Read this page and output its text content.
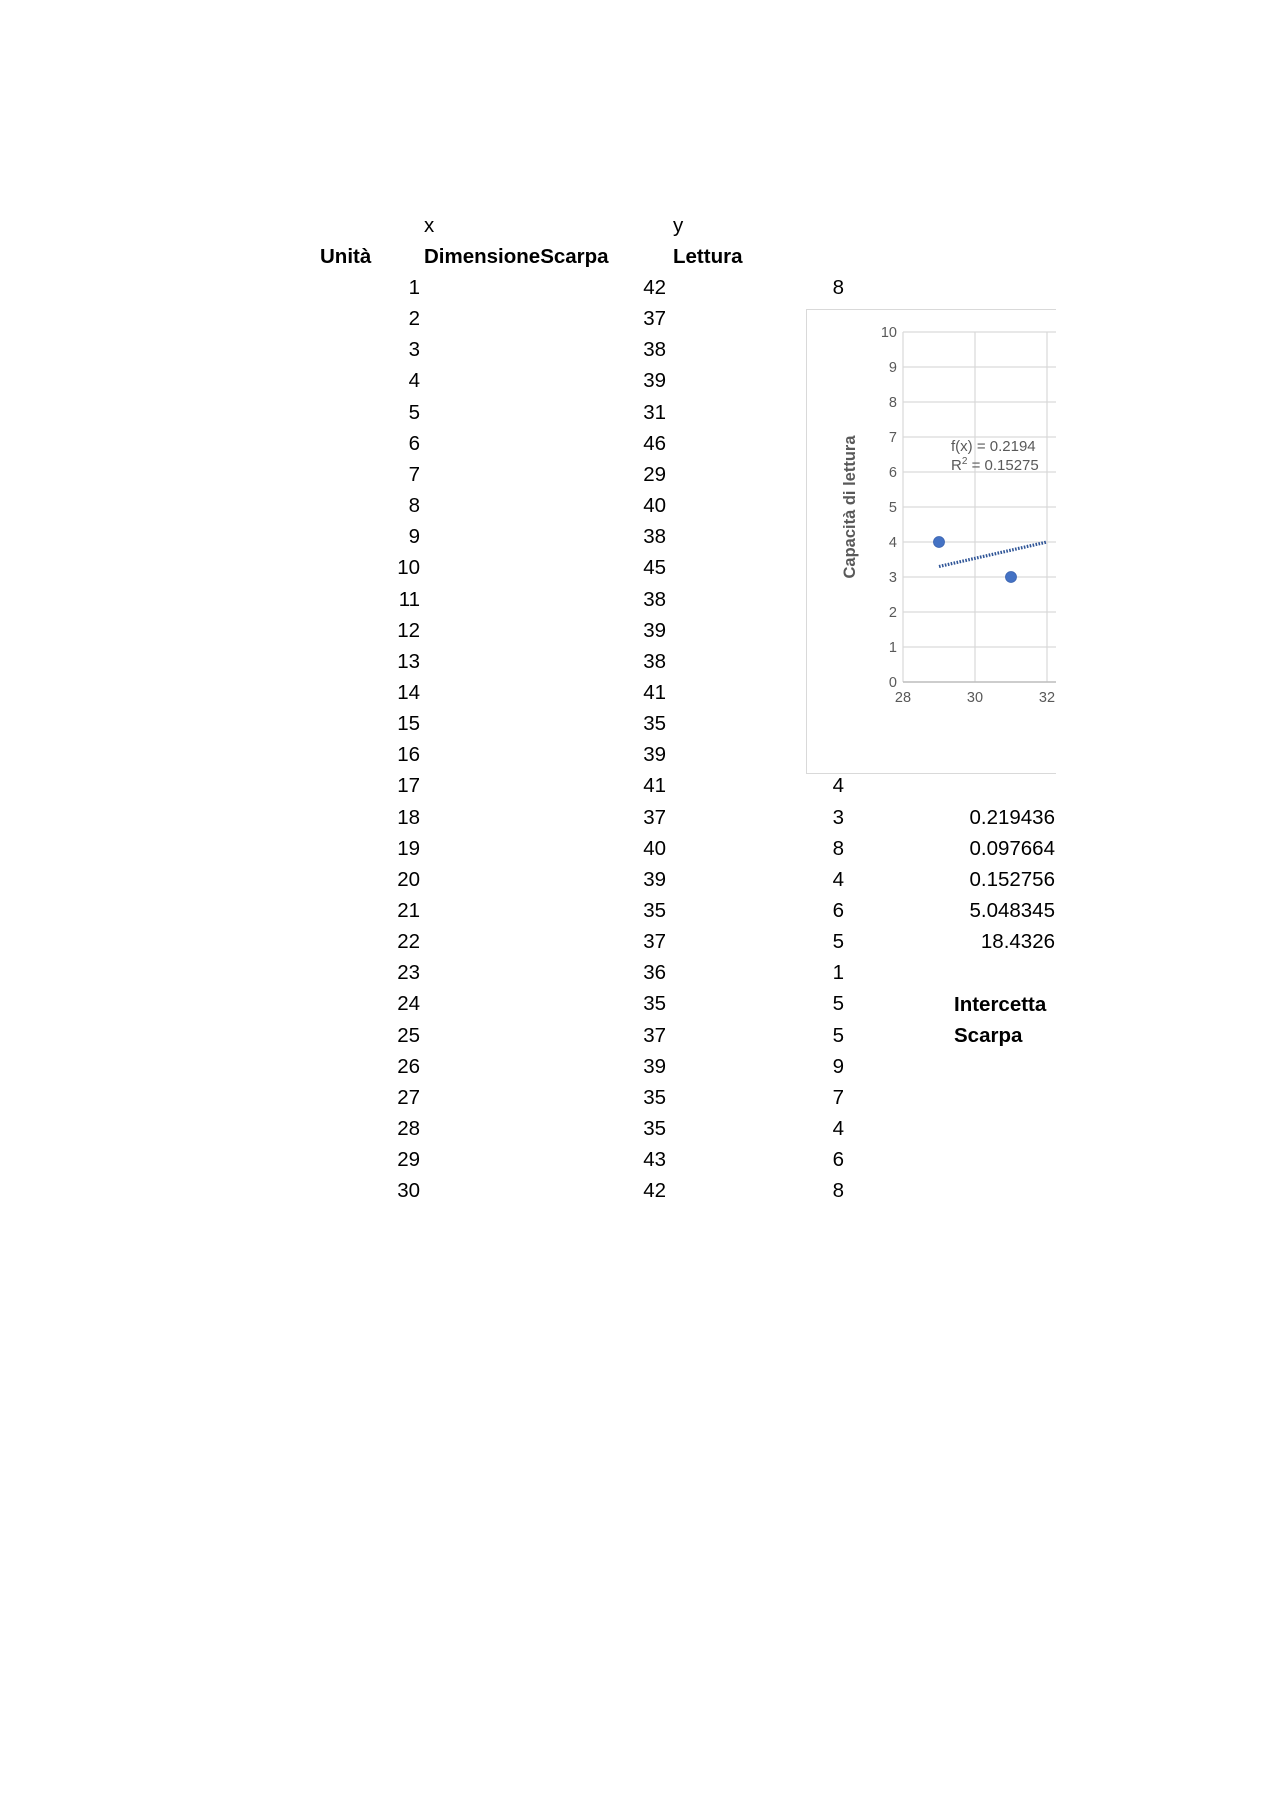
x	y
Unità	DimensioneScarpa	Lettura
1	42	8
2	37
3	38
4	39
5	31
6	46
7	29
8	40
9	38
10	45
11	38
12	39
13	38
14	41
15	35
16	39
17	41	4
18	37	3
19	40	8
20	39	4
21	35	6
22	37	5
23	36	1
24	35	5
25	37	5
26	39	9
27	35	7
28	35	4
29	43	6
30	42	8
0
1
2
3
4
5
6
7
8
9
10
28	30	32
Capacità di lettura	f(x) = 0.2194
$R^2 = 0.15275$
0.219436
0.097664
0.152756
5.048345
18.4326
Intercetta
Scarpa
